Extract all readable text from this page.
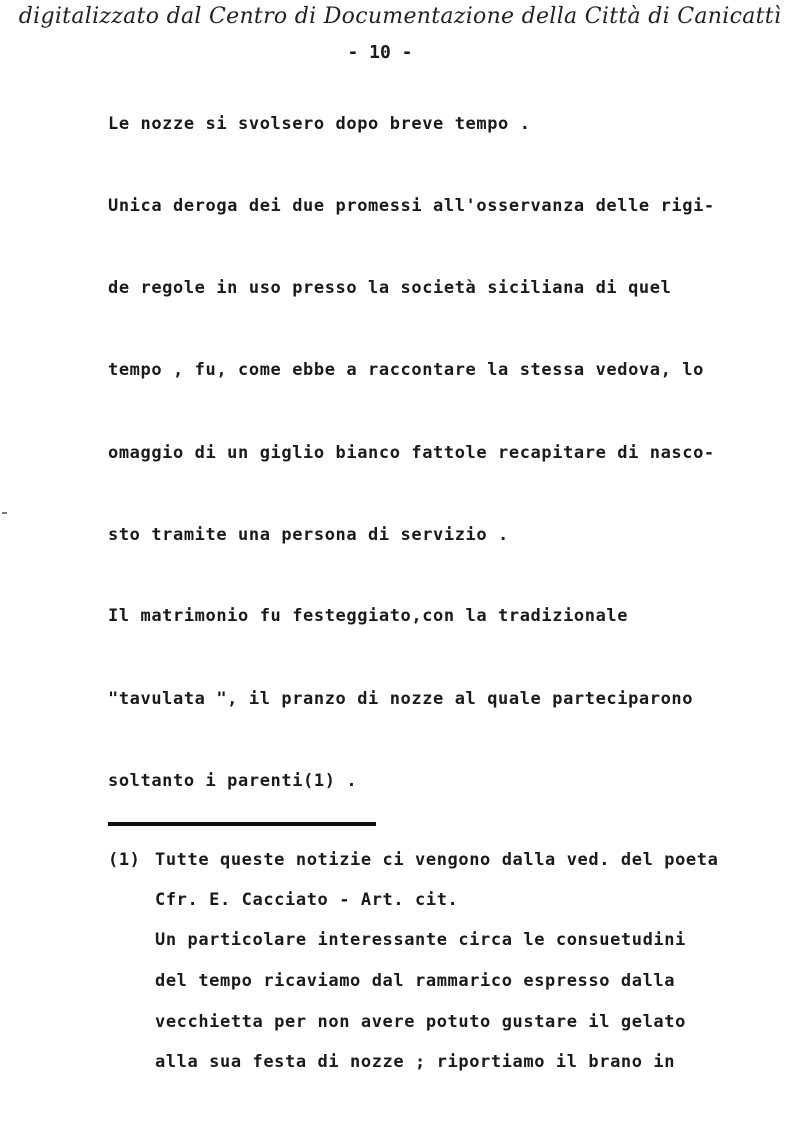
digitalizzato dal Centro di Documentazione della Città di Canicattì
- 10 -
Le nozze si svolsero dopo breve tempo .
Unica deroga dei due promessi all'osservanza delle rigi-
de regole in uso presso la società siciliana di quel
tempo , fu, come ebbe a raccontare la stessa vedova, lo
omaggio di un giglio bianco fattole recapitare di nasco-
sto tramite una persona di servizio .
Il matrimonio fu festeggiato,con la tradizionale
"tavulata ", il pranzo di nozze al quale parteciparono
soltanto i parenti(1) .
(1) Tutte queste notizie ci vengono dalla ved. del poeta
Cfr. E. Cacciato - Art. cit.
Un particolare interessante circa le consuetudini
del tempo ricaviamo dal rammarico espresso dalla
vecchietta per non avere potuto gustare il gelato
alla sua festa di nozze ; riportiamo il brano in
